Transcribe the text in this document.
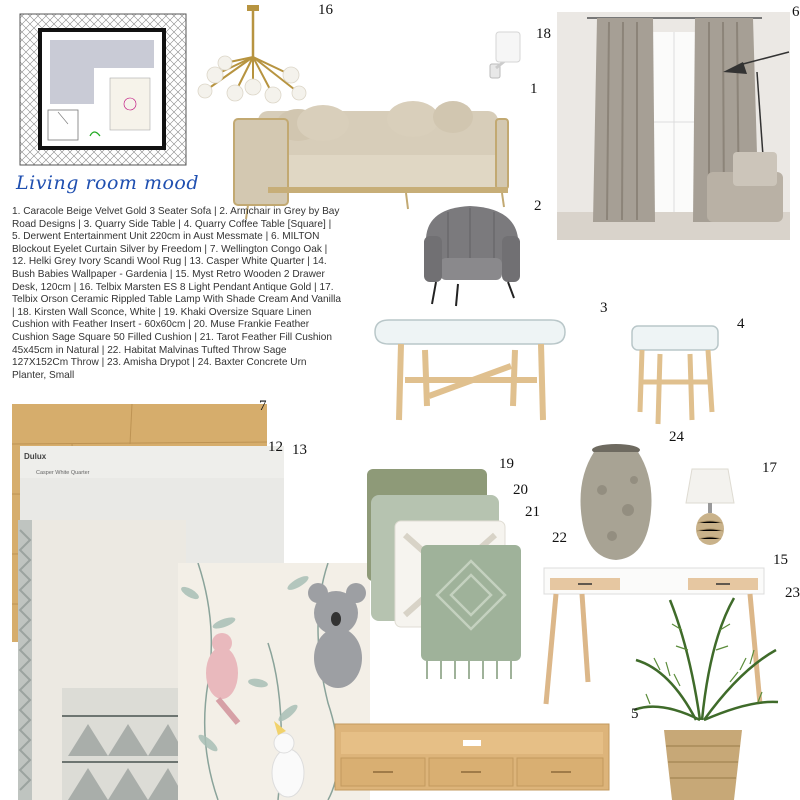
Living room mood
1. Caracole Beige Velvet Gold 3 Seater Sofa | 2. Armchair in Grey by Bay Road Designs | 3. Quarry Side Table | 4. Quarry Coffee Table [Square] | 5. Derwent Entertainment Unit 220cm in Aust Messmate | 6. MILTON Blockout Eyelet Curtain Silver by Freedom | 7. Wellington Congo Oak | 12. Helki Grey Ivory Scandi Wool Rug | 13. Casper White Quarter | 14. Bush Babies Wallpaper - Gardenia | 15. Myst Retro Wooden 2 Drawer Desk, 120cm | 16. Telbix Marsten ES 8 Light Pendant Antique Gold | 17. Telbix Orson Ceramic Rippled Table Lamp With Shade Cream And Vanilla | 18. Kirsten Wall Sconce, White | 19. Khaki Oversize Square Linen Cushion with Feather Insert - 60x60cm | 20. Muse Frankie Feather Cushion Sage Square 50 Filled Cushion | 21. Tarot Feather Fill Cushion 45x45cm in Natural | 22. Habitat Malvinas Tufted Throw Sage 127X152Cm Throw | 23. Amisha Drypot | 24. Baxter Concrete Urn Planter, Small
Dulux
Casper White Quarter
16	6
18
1
2
3
4
7
24
12 13
19	17
20
21
22
15
23
5
